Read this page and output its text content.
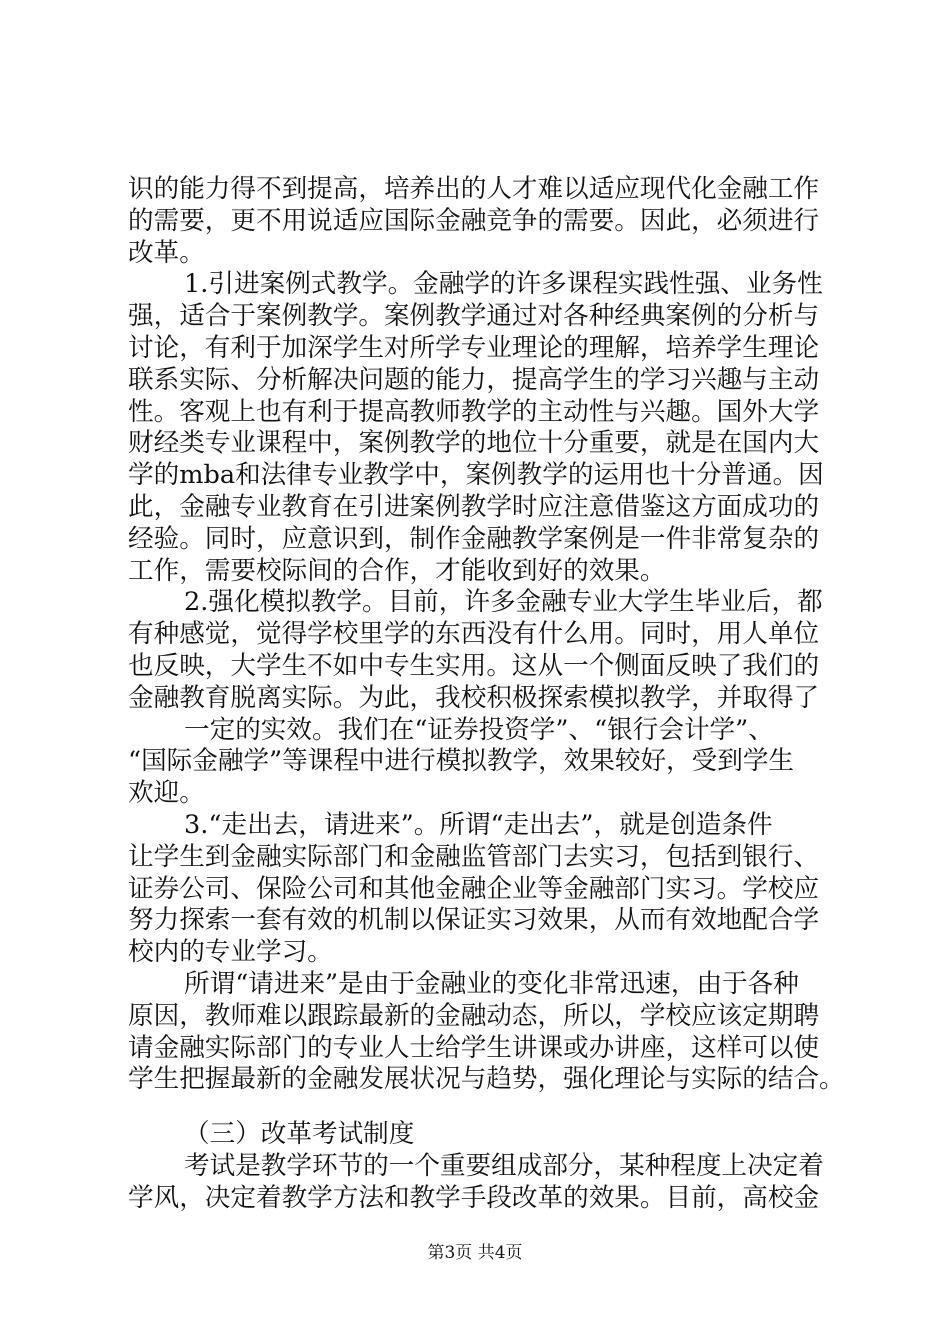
识的能力得不到提高，培养出的人才难以适应现代化金融工作
的需要，更不用说适应国际金融竞争的需要。因此，必须进行
改革。
1.引进案例式教学。金融学的许多课程实践性强、业务性
强，适合于案例教学。案例教学通过对各种经典案例的分析与
讨论，有利于加深学生对所学专业理论的理解，培养学生理论
联系实际、分析解决问题的能力，提高学生的学习兴趣与主动
性。客观上也有利于提高教师教学的主动性与兴趣。国外大学
财经类专业课程中，案例教学的地位十分重要，就是在国内大
学的mba和法律专业教学中，案例教学的运用也十分普通。因
此，金融专业教育在引进案例教学时应注意借鉴这方面成功的
经验。同时，应意识到，制作金融教学案例是一件非常复杂的
工作，需要校际间的合作，才能收到好的效果。
2.强化模拟教学。目前，许多金融专业大学生毕业后，都
有种感觉，觉得学校里学的东西没有什么用。同时，用人单位
也反映，大学生不如中专生实用。这从一个侧面反映了我们的
金融教育脱离实际。为此，我校积极探索模拟教学，并取得了
一定的实效。我们在“证券投资学”、“银行会计学”、
“国际金融学”等课程中进行模拟教学，效果较好，受到学生
欢迎。
3.“走出去，请进来”。所谓“走出去”，就是创造条件
让学生到金融实际部门和金融监管部门去实习，包括到银行、
证券公司、保险公司和其他金融企业等金融部门实习。学校应
努力探索一套有效的机制以保证实习效果，从而有效地配合学
校内的专业学习。
所谓“请进来”是由于金融业的变化非常迅速，由于各种
原因，教师难以跟踪最新的金融动态，所以，学校应该定期聘
请金融实际部门的专业人士给学生讲课或办讲座，这样可以使
学生把握最新的金融发展状况与趋势，强化理论与实际的结合。
（三）改革考试制度
考试是教学环节的一个重要组成部分，某种程度上决定着
学风，决定着教学方法和教学手段改革的效果。目前，高校金
第3页 共4页
